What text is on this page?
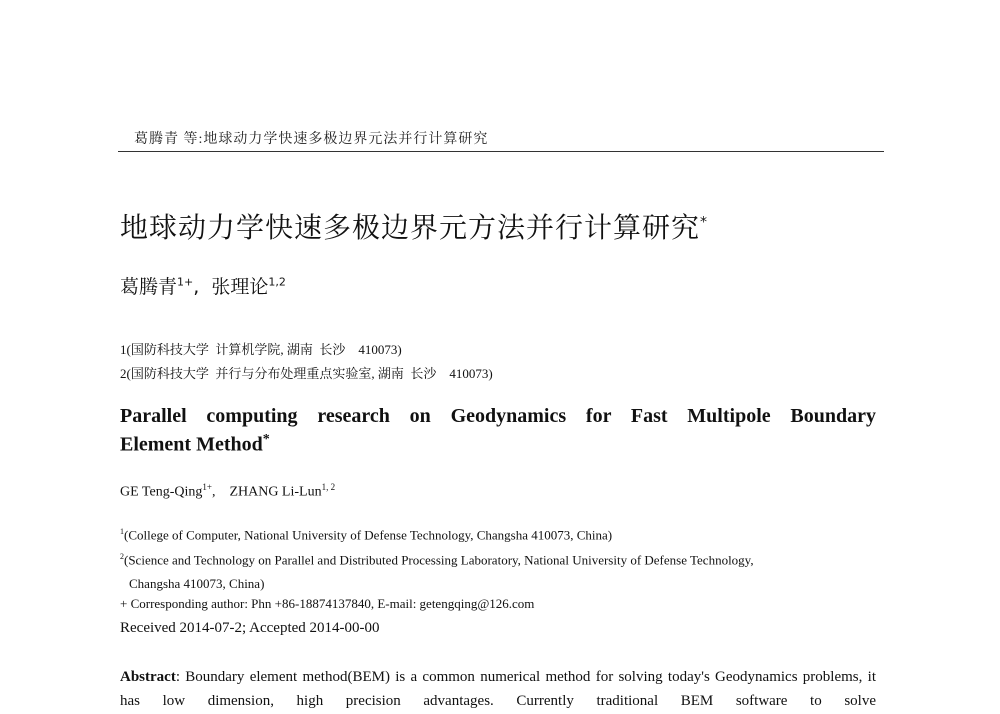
葛腾青 等:地球动力学快速多极边界元法并行计算研究
地球动力学快速多极边界元方法并行计算研究*
葛腾青$^{1+}$,  张理论$^{1,2}$
1(国防科技大学  计算机学院, 湖南  长沙    410073)
2(国防科技大学  并行与分布处理重点实验室, 湖南  长沙    410073)
Parallel computing research on Geodynamics for Fast Multipole Boundary
Element Method*
GE Teng-Qing$^{1+}$,    ZHANG Li-Lun$^{1, 2}$
$^1$(College of Computer, National University of Defense Technology, Changsha 410073, China)
$^2$(Science and Technology on Parallel and Distributed Processing Laboratory, National University of Defense Technology,
Changsha 410073, China)
+ Corresponding author: Phn +86-18874137840, E-mail: getengqing@126.com
Received 2014-07-2; Accepted 2014-00-00

Abstract: Boundary element method(BEM) is a common numerical method for solving today's Geodynamics problems, it has low dimension, high precision advantages. Currently traditional BEM software to solve
